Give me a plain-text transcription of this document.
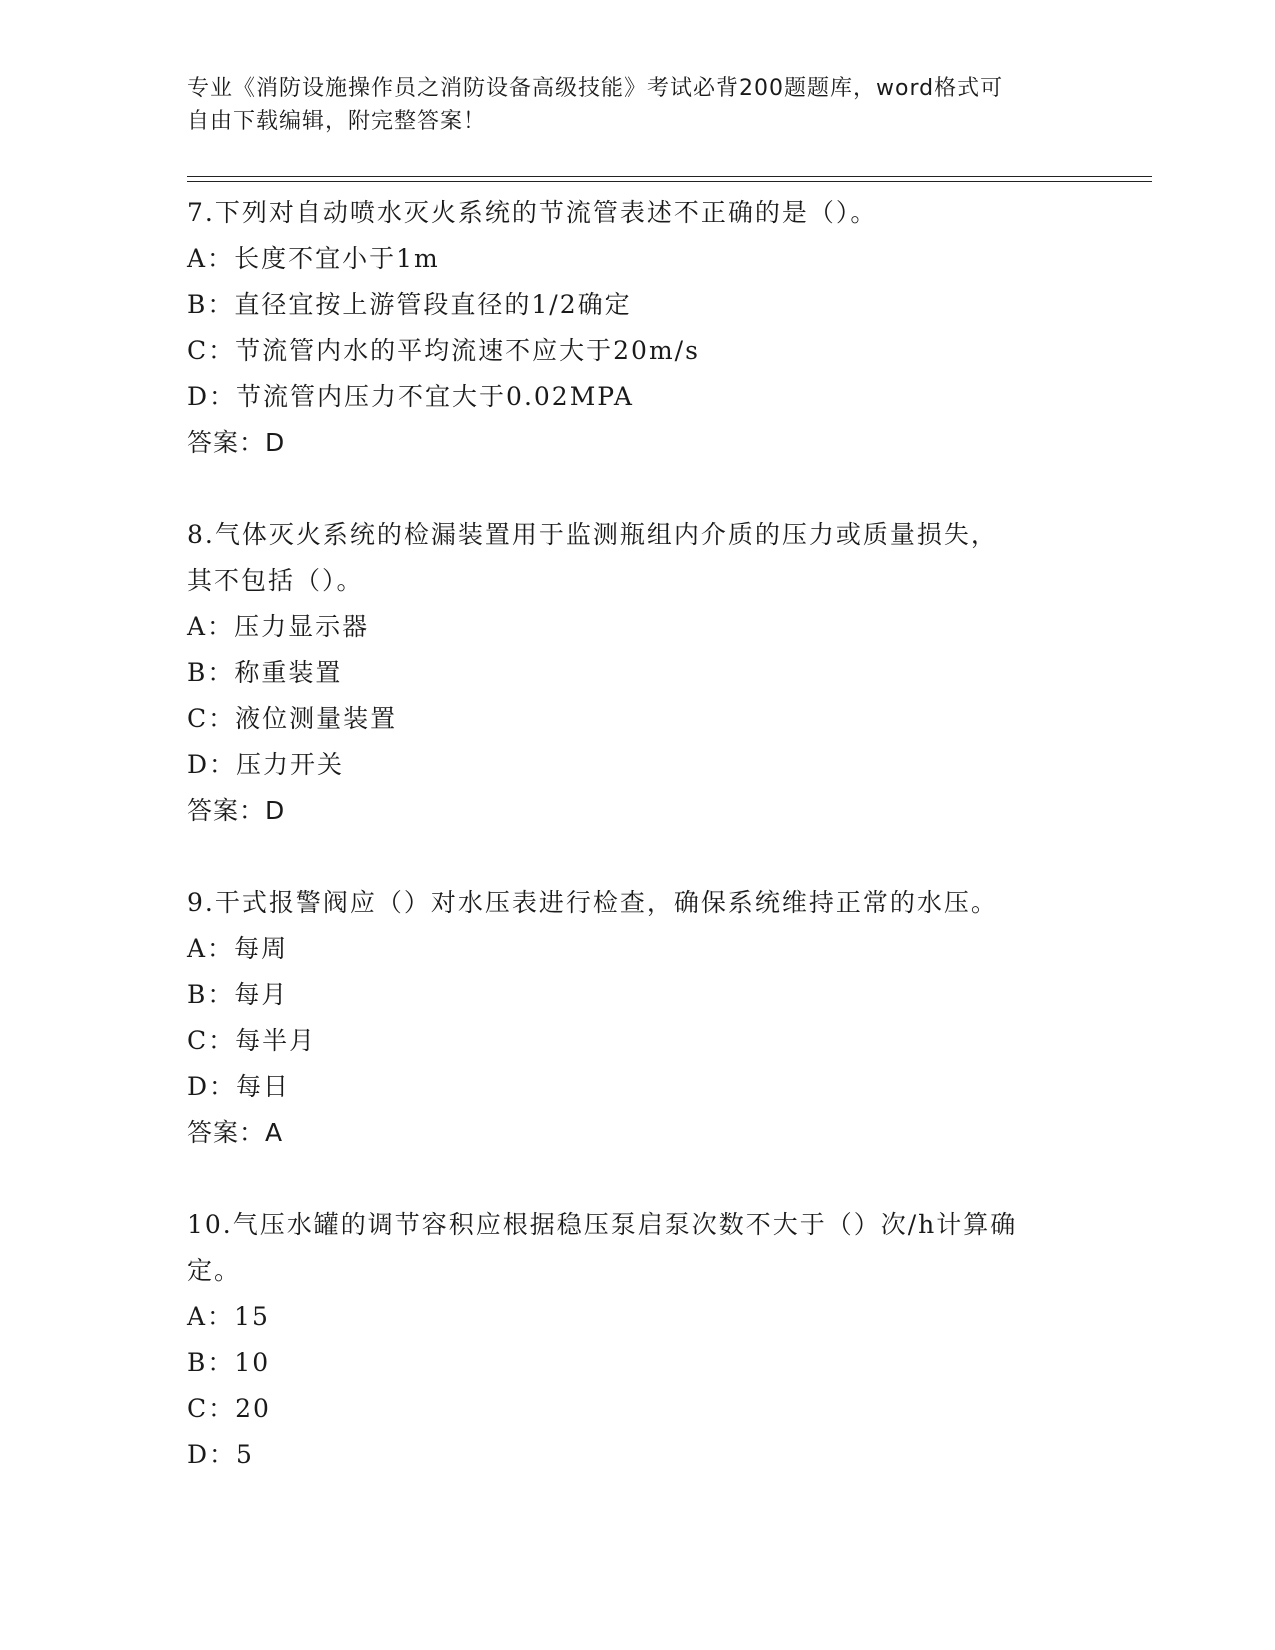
专业《消防设施操作员之消防设备高级技能》考试必背200题题库，word格式可
自由下载编辑，附完整答案！
7.下列对自动喷水灭火系统的节流管表述不正确的是（）。
A：长度不宜小于1m
B：直径宜按上游管段直径的1/2确定
C：节流管内水的平均流速不应大于20m/s
D：节流管内压力不宜大于0.02MPA
答案：D
8.气体灭火系统的检漏装置用于监测瓶组内介质的压力或质量损失，
其不包括（）。
A：压力显示器
B：称重装置
C：液位测量装置
D：压力开关
答案：D
9.干式报警阀应（）对水压表进行检查，确保系统维持正常的水压。
A：每周
B：每月
C：每半月
D：每日
答案：A
10.气压水罐的调节容积应根据稳压泵启泵次数不大于（）次/h计算确
定。
A：15
B：10
C：20
D：5
